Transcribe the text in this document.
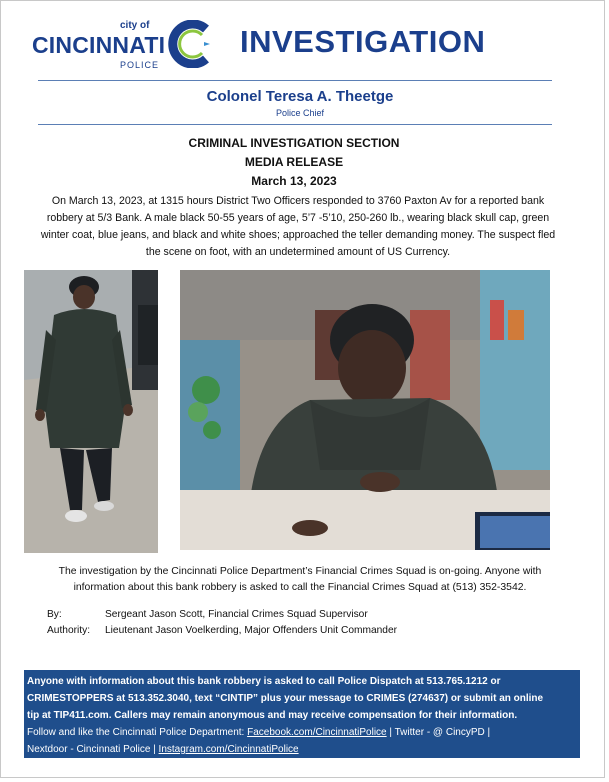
city of
CINCINNATI
POLICE
INVESTIGATION
Colonel Teresa A. Theetge
Police Chief
CRIMINAL INVESTIGATION SECTION
MEDIA RELEASE
March 13, 2023
On March 13, 2023, at 1315 hours District Two Officers responded to 3760 Paxton Av for a reported bank
robbery at 5/3 Bank. A male black 50-55 years of age, 5’7 -5’10, 250-260 lb., wearing black skull cap, green
winter coat, blue jeans, and black and white shoes; approached the teller demanding money. The suspect fled
the scene on foot, with an undetermined amount of US Currency.
The investigation by the Cincinnati Police Department’s Financial Crimes Squad is on-going. Anyone with
information about this bank robbery is asked to call the Financial Crimes Squad at (513) 352-3542.
By:	Sergeant Jason Scott, Financial Crimes Squad Supervisor
Authority: Lieutenant Jason Voelkerding, Major Offenders Unit Commander
Anyone with information about this bank robbery is asked to call Police Dispatch at 513.765.1212 or
CRIMESTOPPERS at 513.352.3040, text “CINTIP” plus your message to CRIMES (274637) or submit an online
tip at TIP411.com. Callers may remain anonymous and may receive compensation for their information.
Follow and like the Cincinnati Police Department: Facebook.com/CincinnatiPolice | Twitter - @ CincyPD |
Nextdoor - Cincinnati Police | Instagram.com/CincinnatiPolice
